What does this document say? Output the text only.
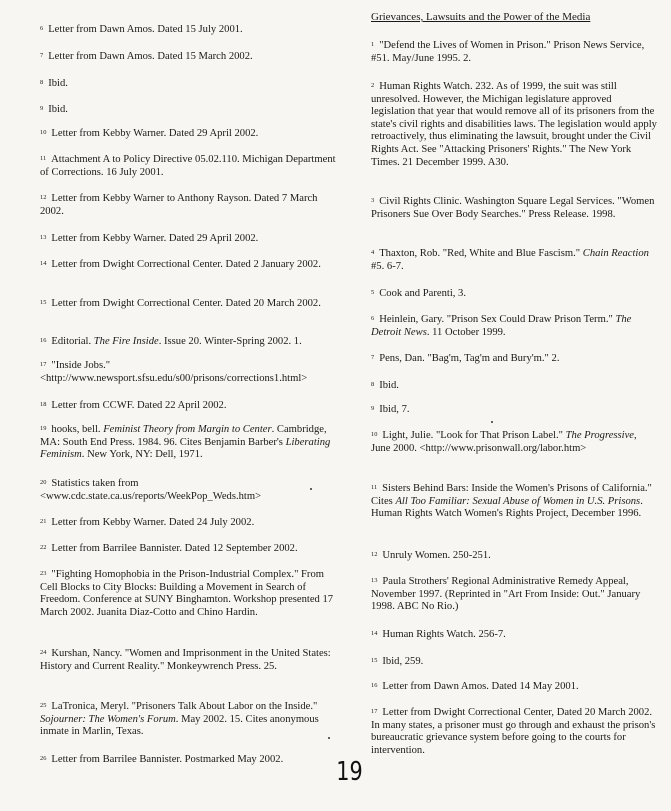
$^6$ Letter from Dawn Amos. Dated 15 July 2001.

$^7$ Letter from Dawn Amos. Dated 15 March 2002.

$^8$ Ibid.

$^9$ Ibid.

$^{10}$ Letter from Kebby Warner. Dated 29 April 2002.

$^{11}$ Attachment A to Policy Directive 05.02.110. Michigan Department of Corrections. 16 July 2001.

$^{12}$ Letter from Kebby Warner to Anthony Rayson. Dated 7 March 2002.

$^{13}$ Letter from Kebby Warner. Dated 29 April 2002.

$^{14}$ Letter from Dwight Correctional Center. Dated 2 January 2002.

$^{15}$ Letter from Dwight Correctional Center. Dated 20 March 2002.

$^{16}$ Editorial. The Fire Inside. Issue 20. Winter-Spring 2002. 1.

$^{17}$ "Inside Jobs." <http://www.newsport.sfsu.edu/s00/prisons/corrections1.html>

$^{18}$ Letter from CCWF. Dated 22 April 2002.

$^{19}$ hooks, bell. Feminist Theory from Margin to Center. Cambridge, MA: South End Press. 1984. 96. Cites Benjamin Barber's Liberating Feminism. New York, NY: Dell, 1971.

$^{20}$ Statistics taken from <www.cdc.state.ca.us/reports/WeekPop_Weds.htm>

$^{21}$ Letter from Kebby Warner. Dated 24 July 2002.

$^{22}$ Letter from Barrilee Bannister. Dated 12 September 2002.

$^{23}$ "Fighting Homophobia in the Prison-Industrial Complex." From Cell Blocks to City Blocks: Building a Movement in Search of Freedom. Conference at SUNY Binghamton. Workshop presented 17 March 2002. Juanita Diaz-Cotto and Chino Hardin.

$^{24}$ Kurshan, Nancy. "Women and Imprisonment in the United States: History and Current Reality." Monkeywrench Press. 25.

$^{25}$ LaTronica, Meryl. "Prisoners Talk About Labor on the Inside." Sojourner: The Women's Forum. May 2002. 15. Cites anonymous inmate in Marlin, Texas.

$^{26}$ Letter from Barrilee Bannister. Postmarked May 2002.

Grievances, Lawsuits and the Power of the Media

$^1$ "Defend the Lives of Women in Prison." Prison News Service, #51. May/June 1995. 2.

$^2$ Human Rights Watch. 232. As of 1999, the suit was still unresolved. However, the Michigan legislature approved legislation that year that would remove all of its prisoners from the state's civil rights and disabilities laws. The legislation would apply retroactively, thus eliminating the lawsuit, brought under the Civil Rights Act. See "Attacking Prisoners' Rights." The New York Times. 21 December 1999. A30.

$^3$ Civil Rights Clinic. Washington Square Legal Services. "Women Prisoners Sue Over Body Searches." Press Release. 1998.

$^4$ Thaxton, Rob. "Red, White and Blue Fascism." Chain Reaction #5. 6-7.

$^5$ Cook and Parenti, 3.

$^6$ Heinlein, Gary. "Prison Sex Could Draw Prison Term." The Detroit News. 11 October 1999.

$^7$ Pens, Dan. "Bag'm, Tag'm and Bury'm." 2.

$^8$ Ibid.

$^9$ Ibid, 7.

$^{10}$ Light, Julie. "Look for That Prison Label." The Progressive, June 2000. <http://www.prisonwall.org/labor.htm>

$^{11}$ Sisters Behind Bars: Inside the Women's Prisons of California." Cites All Too Familiar: Sexual Abuse of Women in U.S. Prisons. Human Rights Watch Women's Rights Project, December 1996.

$^{12}$ Unruly Women. 250-251.

$^{13}$ Paula Strothers' Regional Administrative Remedy Appeal, November 1997. (Reprinted in "Art From Inside: Out." January 1998. ABC No Rio.)

$^{14}$ Human Rights Watch. 256-7.

$^{15}$ Ibid, 259.

$^{16}$ Letter from Dawn Amos. Dated 14 May 2001.

$^{17}$ Letter from Dwight Correctional Center, Dated 20 March 2002. In many states, a prisoner must go through and exhaust the prison's bureaucratic grievance system before going to the courts for intervention.

19
